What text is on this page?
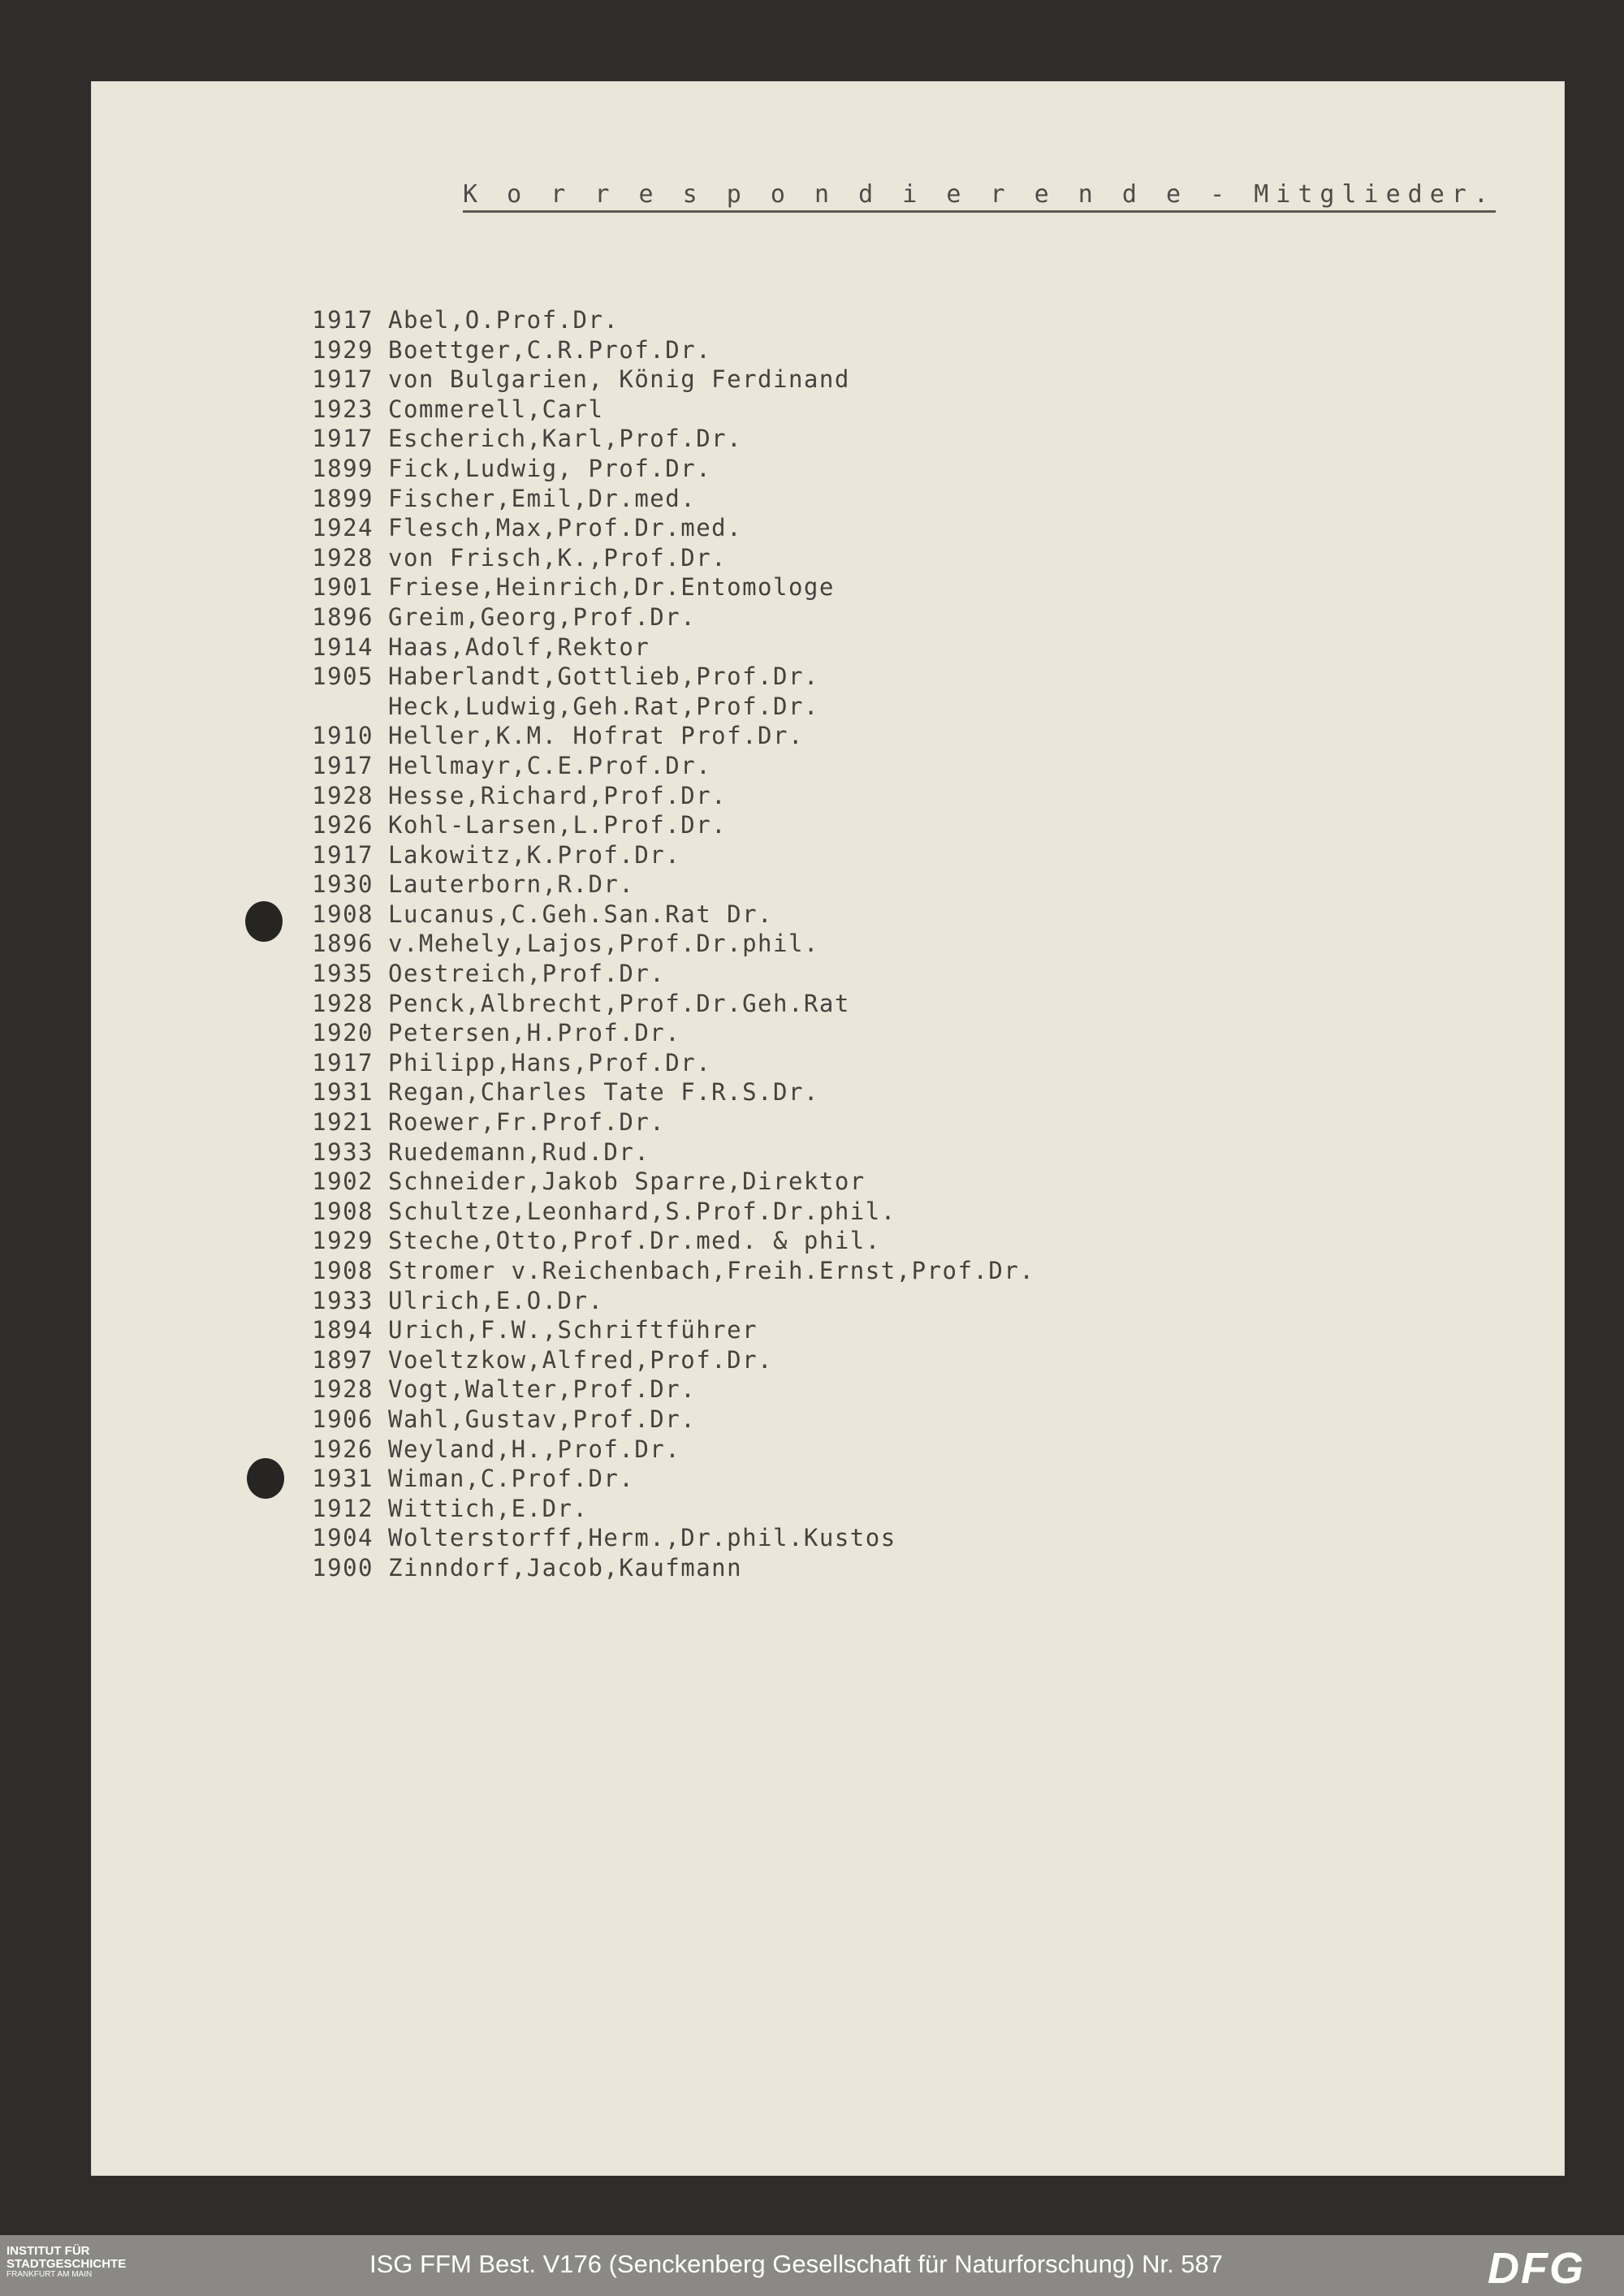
K o r r e s p o n d i e r e n d e - Mitglieder.
1917 Abel,O.Prof.Dr.
1929 Boettger,C.R.Prof.Dr.
1917 von Bulgarien, König Ferdinand
1923 Commerell,Carl
1917 Escherich,Karl,Prof.Dr.
1899 Fick,Ludwig, Prof.Dr.
1899 Fischer,Emil,Dr.med.
1924 Flesch,Max,Prof.Dr.med.
1928 von Frisch,K.,Prof.Dr.
1901 Friese,Heinrich,Dr.Entomologe
1896 Greim,Georg,Prof.Dr.
1914 Haas,Adolf,Rektor
1905 Haberlandt,Gottlieb,Prof.Dr.
Heck,Ludwig,Geh.Rat,Prof.Dr.
1910 Heller,K.M. Hofrat Prof.Dr.
1917 Hellmayr,C.E.Prof.Dr.
1928 Hesse,Richard,Prof.Dr.
1926 Kohl-Larsen,L.Prof.Dr.
1917 Lakowitz,K.Prof.Dr.
1930 Lauterborn,R.Dr.
1908 Lucanus,C.Geh.San.Rat Dr.
1896 v.Mehely,Lajos,Prof.Dr.phil.
1935 Oestreich,Prof.Dr.
1928 Penck,Albrecht,Prof.Dr.Geh.Rat
1920 Petersen,H.Prof.Dr.
1917 Philipp,Hans,Prof.Dr.
1931 Regan,Charles Tate F.R.S.Dr.
1921 Roewer,Fr.Prof.Dr.
1933 Ruedemann,Rud.Dr.
1902 Schneider,Jakob Sparre,Direktor
1908 Schultze,Leonhard,S.Prof.Dr.phil.
1929 Steche,Otto,Prof.Dr.med. & phil.
1908 Stromer v.Reichenbach,Freih.Ernst,Prof.Dr.
1933 Ulrich,E.O.Dr.
1894 Urich,F.W.,Schriftführer
1897 Voeltzkow,Alfred,Prof.Dr.
1928 Vogt,Walter,Prof.Dr.
1906 Wahl,Gustav,Prof.Dr.
1926 Weyland,H.,Prof.Dr.
1931 Wiman,C.Prof.Dr.
1912 Wittich,E.Dr.
1904 Wolterstorff,Herm.,Dr.phil.Kustos
1900 Zinndorf,Jacob,Kaufmann
INSTITUT FÜR
STADTGESCHICHTE
FRANKFURT AM MAIN	ISG FFM Best. V176 (Senckenberg Gesellschaft für Naturforschung) Nr. 587	DFG
